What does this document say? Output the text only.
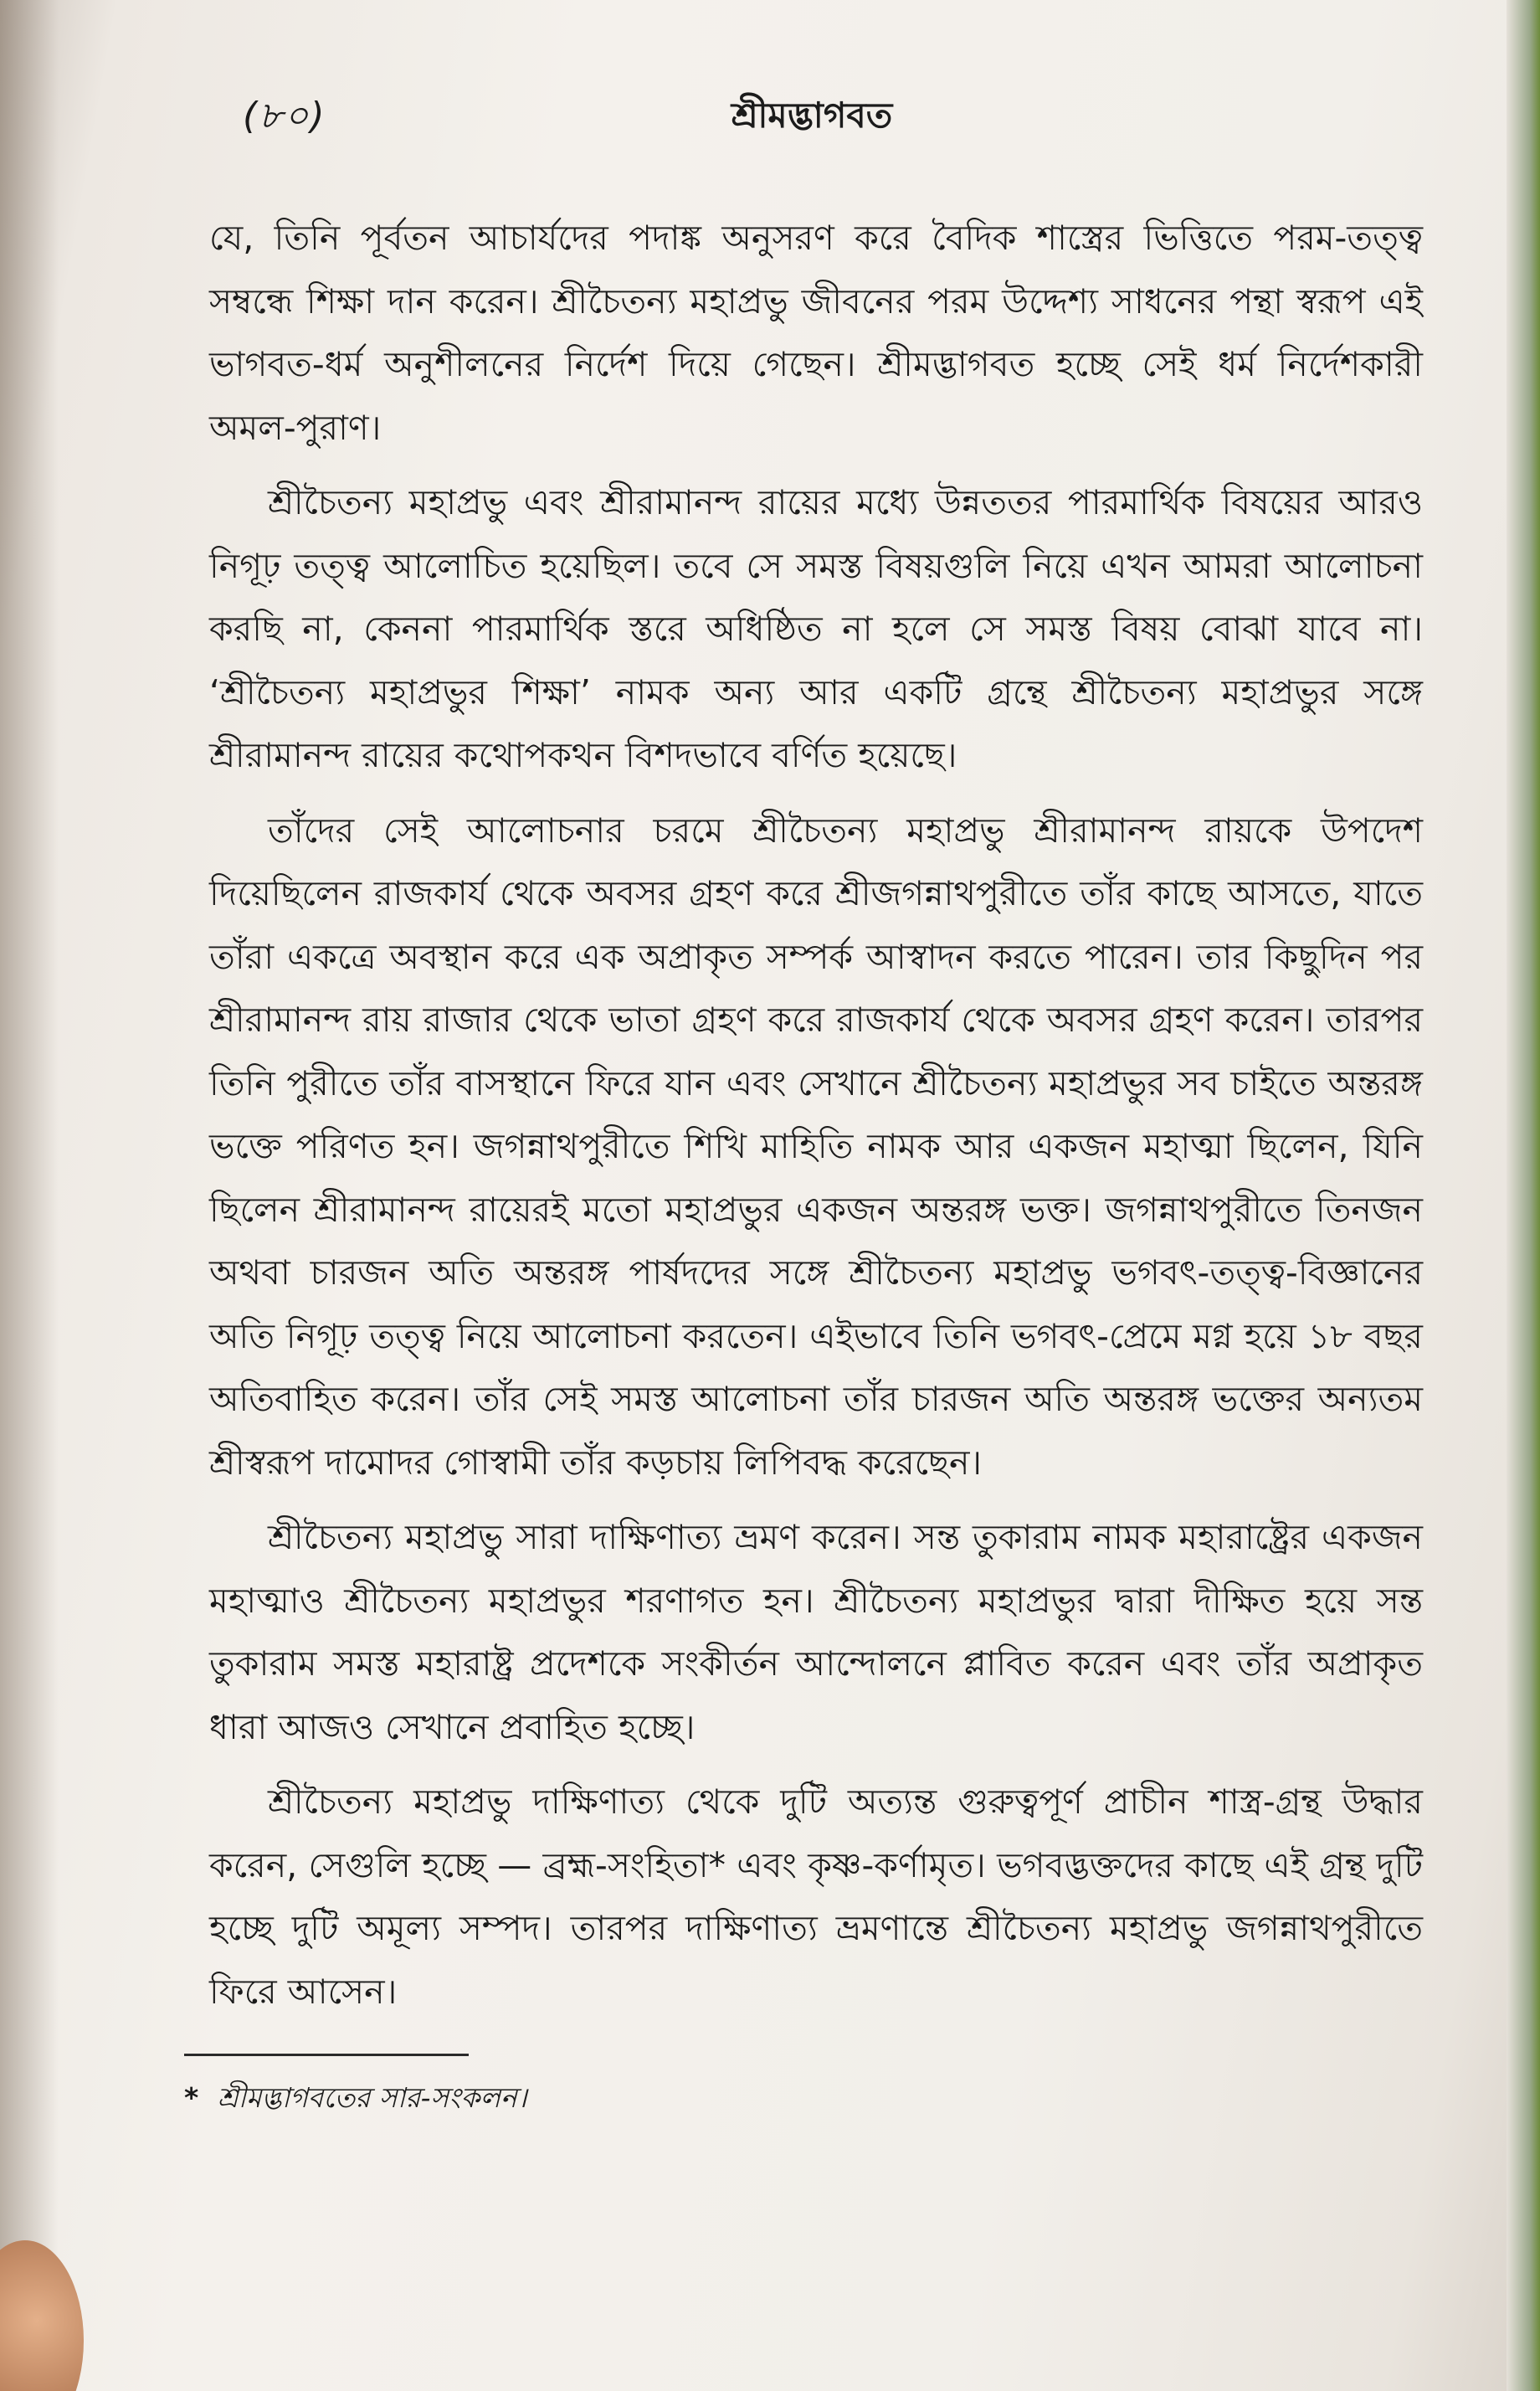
(৮০)	শ্রীমদ্ভাগবত

যে, তিনি পূর্বতন আচার্যদের পদাঙ্ক অনুসরণ করে বৈদিক শাস্ত্রের ভিত্তিতে পরম-তত্ত্ব সম্বন্ধে শিক্ষা দান করেন। শ্রীচৈতন্য মহাপ্রভু জীবনের পরম উদ্দেশ্য সাধনের পন্থা স্বরূপ এই ভাগবত-ধর্ম অনুশীলনের নির্দেশ দিয়ে গেছেন। শ্রীমদ্ভাগবত হচ্ছে সেই ধর্ম নির্দেশকারী অমল-পুরাণ।

শ্রীচৈতন্য মহাপ্রভু এবং শ্রীরামানন্দ রায়ের মধ্যে উন্নততর পারমার্থিক বিষয়ের আরও নিগূঢ় তত্ত্ব আলোচিত হয়েছিল। তবে সে সমস্ত বিষয়গুলি নিয়ে এখন আমরা আলোচনা করছি না, কেননা পারমার্থিক স্তরে অধিষ্ঠিত না হলে সে সমস্ত বিষয় বোঝা যাবে না। ‘শ্রীচৈতন্য মহাপ্রভুর শিক্ষা’ নামক অন্য আর একটি গ্রন্থে শ্রীচৈতন্য মহাপ্রভুর সঙ্গে শ্রীরামানন্দ রায়ের কথোপকথন বিশদভাবে বর্ণিত হয়েছে।

তাঁদের সেই আলোচনার চরমে শ্রীচৈতন্য মহাপ্রভু শ্রীরামানন্দ রায়কে উপদেশ দিয়েছিলেন রাজকার্য থেকে অবসর গ্রহণ করে শ্রীজগন্নাথপুরীতে তাঁর কাছে আসতে, যাতে তাঁরা একত্রে অবস্থান করে এক অপ্রাকৃত সম্পর্ক আস্বাদন করতে পারেন। তার কিছুদিন পর শ্রীরামানন্দ রায় রাজার থেকে ভাতা গ্রহণ করে রাজকার্য থেকে অবসর গ্রহণ করেন। তারপর তিনি পুরীতে তাঁর বাসস্থানে ফিরে যান এবং সেখানে শ্রীচৈতন্য মহাপ্রভুর সব চাইতে অন্তরঙ্গ ভক্তে পরিণত হন। জগন্নাথপুরীতে শিখি মাহিতি নামক আর একজন মহাত্মা ছিলেন, যিনি ছিলেন শ্রীরামানন্দ রায়েরই মতো মহাপ্রভুর একজন অন্তরঙ্গ ভক্ত। জগন্নাথপুরীতে তিনজন অথবা চারজন অতি অন্তরঙ্গ পার্ষদদের সঙ্গে শ্রীচৈতন্য মহাপ্রভু ভগবৎ-তত্ত্ব-বিজ্ঞানের অতি নিগূঢ় তত্ত্ব নিয়ে আলোচনা করতেন। এইভাবে তিনি ভগবৎ-প্রেমে মগ্ন হয়ে ১৮ বছর অতিবাহিত করেন। তাঁর সেই সমস্ত আলোচনা তাঁর চারজন অতি অন্তরঙ্গ ভক্তের অন্যতম শ্রীস্বরূপ দামোদর গোস্বামী তাঁর কড়চায় লিপিবদ্ধ করেছেন।

শ্রীচৈতন্য মহাপ্রভু সারা দাক্ষিণাত্য ভ্রমণ করেন। সন্ত তুকারাম নামক মহারাষ্ট্রের একজন মহাত্মাও শ্রীচৈতন্য মহাপ্রভুর শরণাগত হন। শ্রীচৈতন্য মহাপ্রভুর দ্বারা দীক্ষিত হয়ে সন্ত তুকারাম সমস্ত মহারাষ্ট্র প্রদেশকে সংকীর্তন আন্দোলনে প্লাবিত করেন এবং তাঁর অপ্রাকৃত ধারা আজও সেখানে প্রবাহিত হচ্ছে।

শ্রীচৈতন্য মহাপ্রভু দাক্ষিণাত্য থেকে দুটি অত্যন্ত গুরুত্বপূর্ণ প্রাচীন শাস্ত্র-গ্রন্থ উদ্ধার করেন, সেগুলি হচ্ছে — ব্রহ্ম-সংহিতা* এবং কৃষ্ণ-কর্ণামৃত। ভগবদ্ভক্তদের কাছে এই গ্রন্থ দুটি হচ্ছে দুটি অমূল্য সম্পদ। তারপর দাক্ষিণাত্য ভ্রমণান্তে শ্রীচৈতন্য মহাপ্রভু জগন্নাথপুরীতে ফিরে আসেন।

* শ্রীমদ্ভাগবতের সার-সংকলন।
